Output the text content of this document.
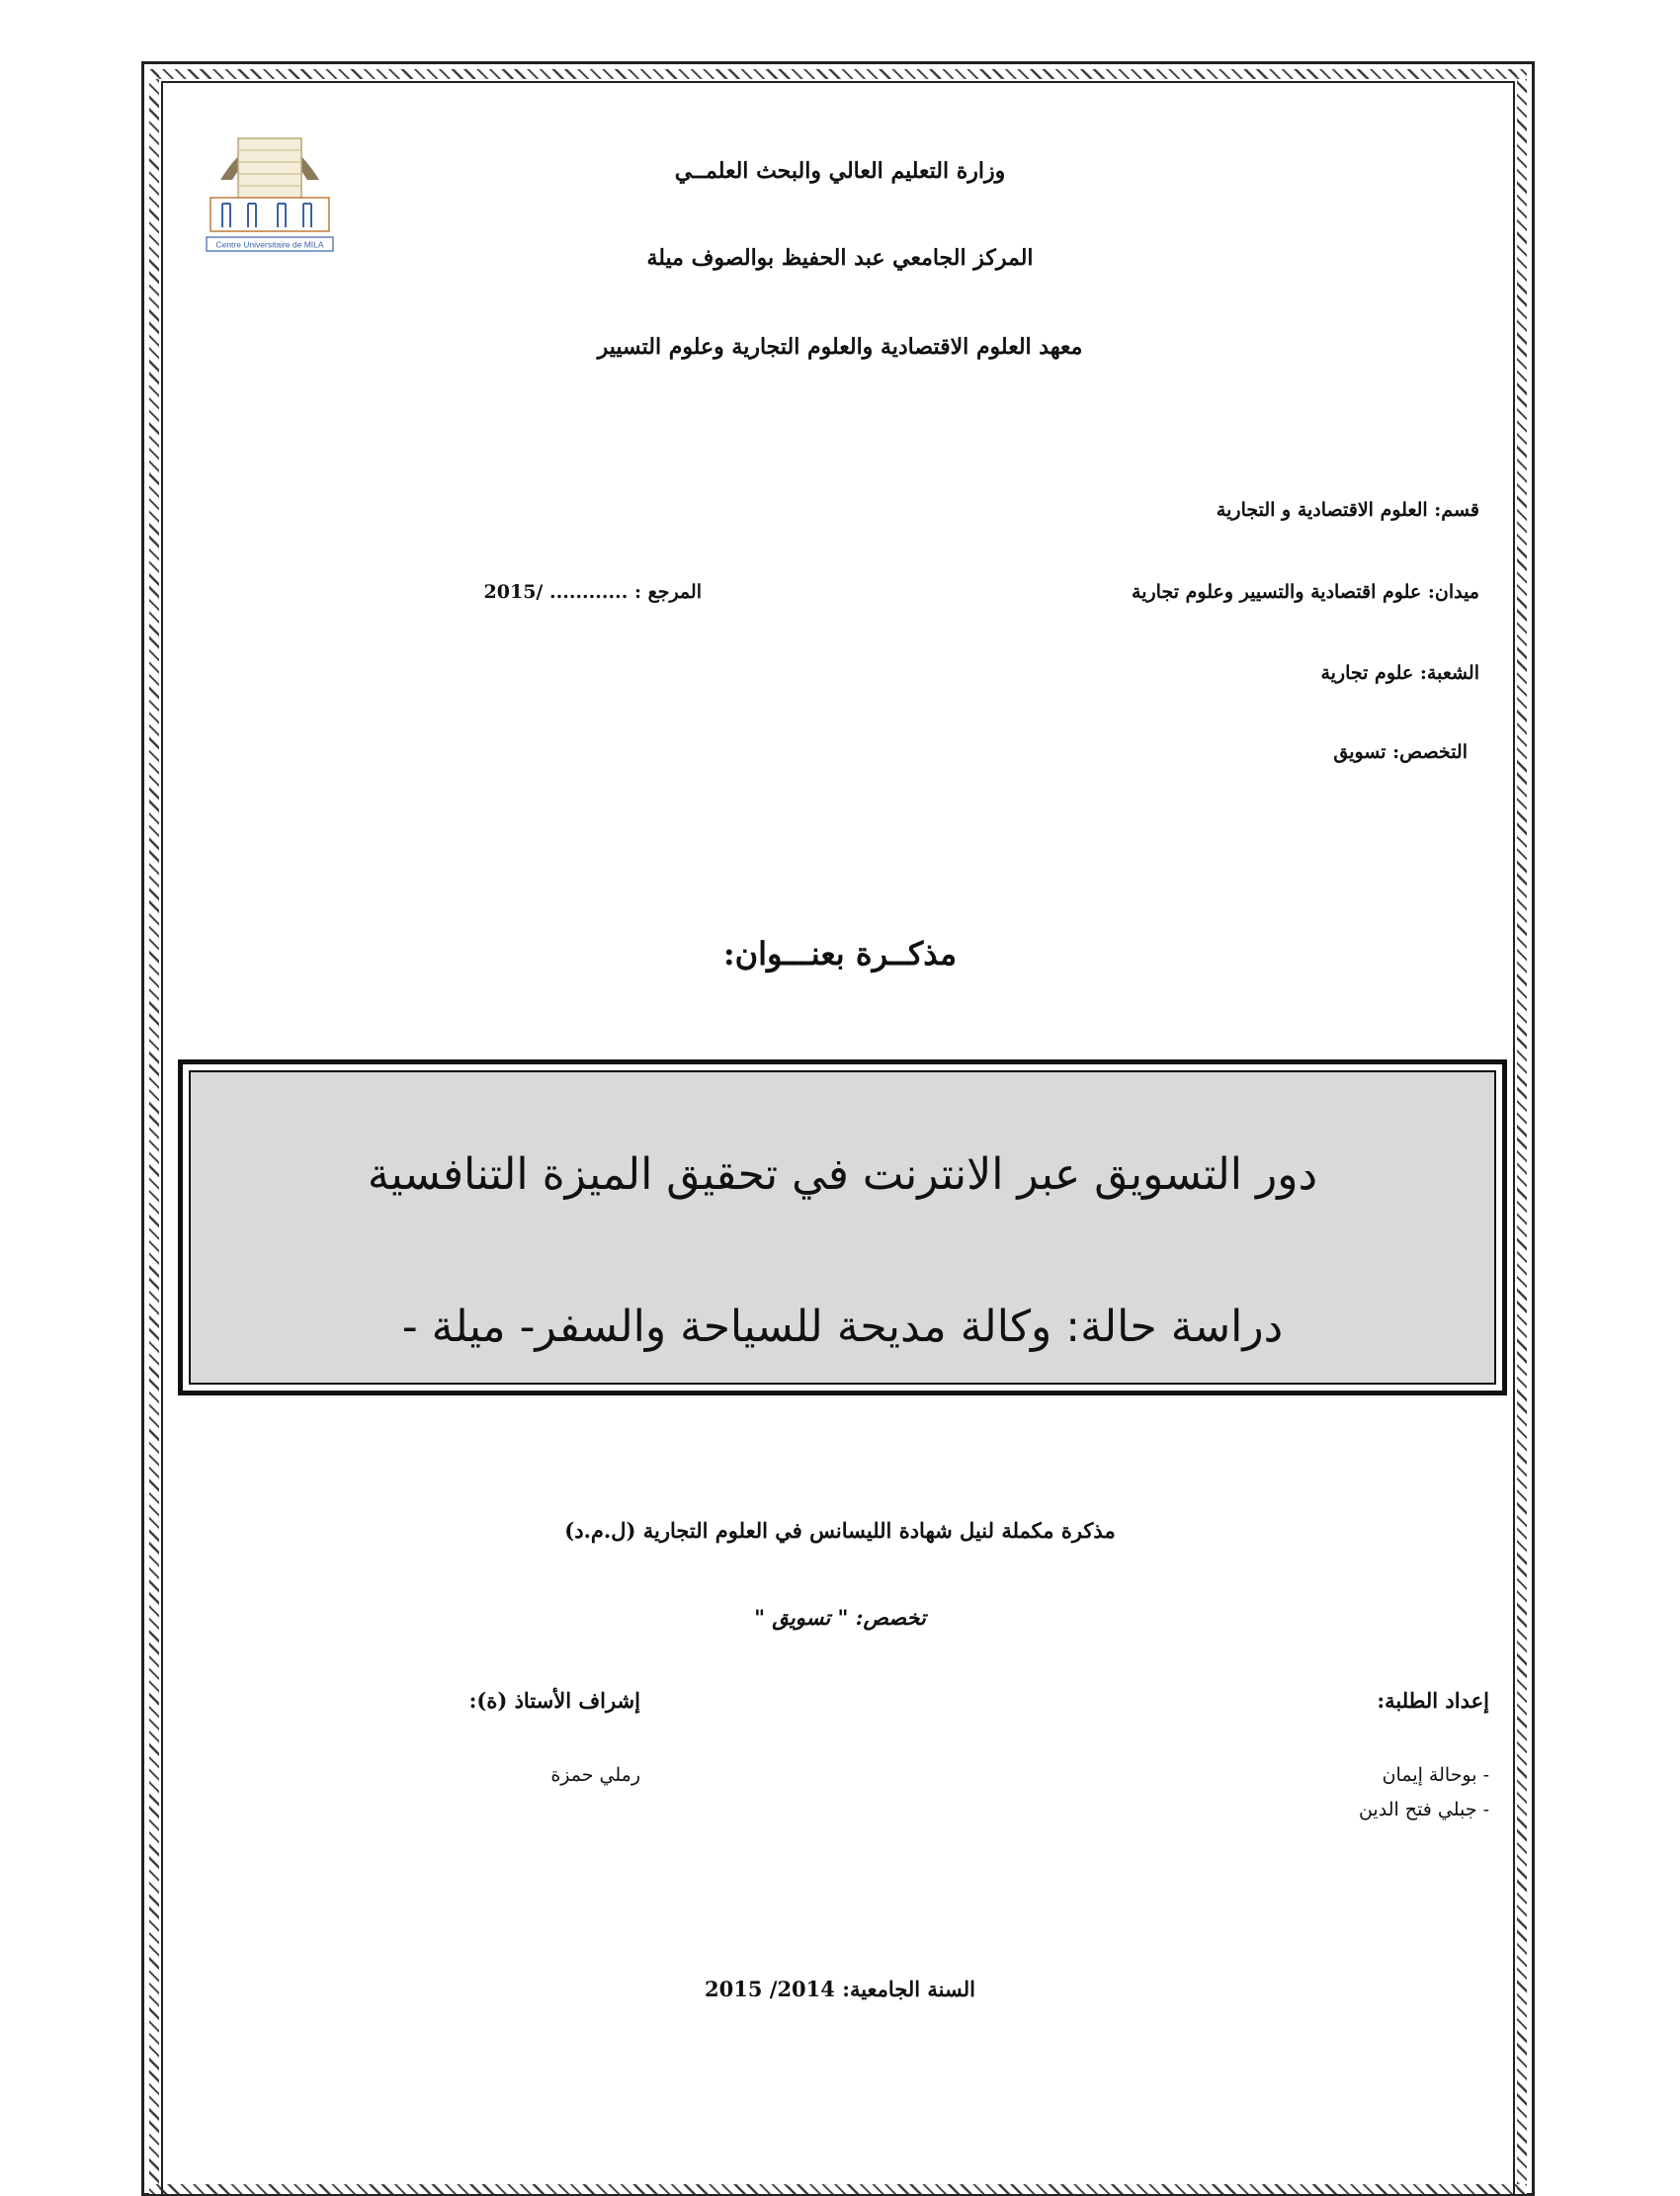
Centre Universitaire de MILA
وزارة التعليم العالي والبحث العلمــي
المركز الجامعي عبد الحفيظ بوالصوف ميلة
معهد العلوم الاقتصادية والعلوم التجارية وعلوم التسيير
قسم: العلوم الاقتصادية و التجارية
ميدان: علوم اقتصادية والتسيير وعلوم تجارية
المرجع : ............ /2015
الشعبة: علوم تجارية
التخصص: تسويق
مذكــرة بعنـــوان:
دور التسويق عبر الانترنت في تحقيق الميزة التنافسية
دراسة حالة: وكالة مديحة للسياحة والسفر- ميلة -
مذكرة مكملة لنيل شهادة الليسانس في العلوم التجارية (ل.م.د)
تخصص: " تسويق "
إعداد الطلبة:
- بوحالة إيمان
- جبلي فتح الدين
إشراف الأستاذ (ة):
رملي حمزة
السنة الجامعية: 2014/ 2015
